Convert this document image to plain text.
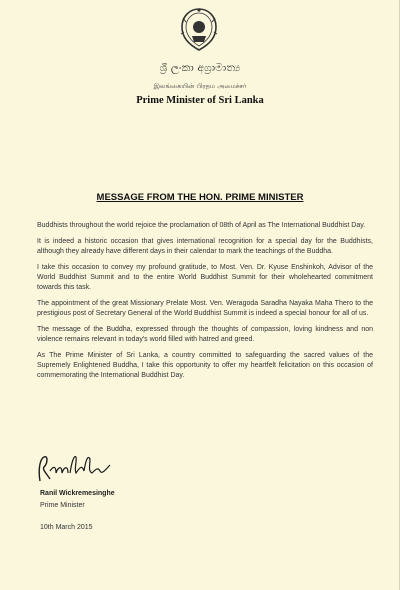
ශ්‍රී ලංකා අග්‍රාමාත්‍ය
இலங்கையின் பிரதம அமைச்சர்
Prime Minister of Sri Lanka
MESSAGE FROM THE HON. PRIME MINISTER

Buddhists throughout the world rejoice the proclamation of 08th of April as The International Buddhist Day.

It is indeed a historic occasion that gives international recognition for a special day for the Buddhists, although they already have different days in their calendar to mark the teachings of the Buddha.

I take this occasion to convey my profound gratitude, to Most. Ven. Dr. Kyuse Enshinkoh, Advisor of the World Buddhist Summit and to the entire World Buddhist Summit for their wholehearted commitment towards this task.

The appointment of the great Missionary Prelate Most. Ven. Weragoda Saradha Nayaka Maha Thero to the prestigious post of Secretary General of the World Buddhist Summit is indeed a special honour for all of us.

The message of the Buddha, expressed through the thoughts of compassion, loving kindness and non violence remains relevant in today's world filled with hatred and greed.

As The Prime Minister of Sri Lanka, a country committed to safeguarding the sacred values of the Supremely Enlightened Buddha, I take this opportunity to offer my heartfelt felicitation on this occasion of commemorating the International Buddhist Day.

Ranil Wickremesinghe
Prime Minister
10th March 2015
